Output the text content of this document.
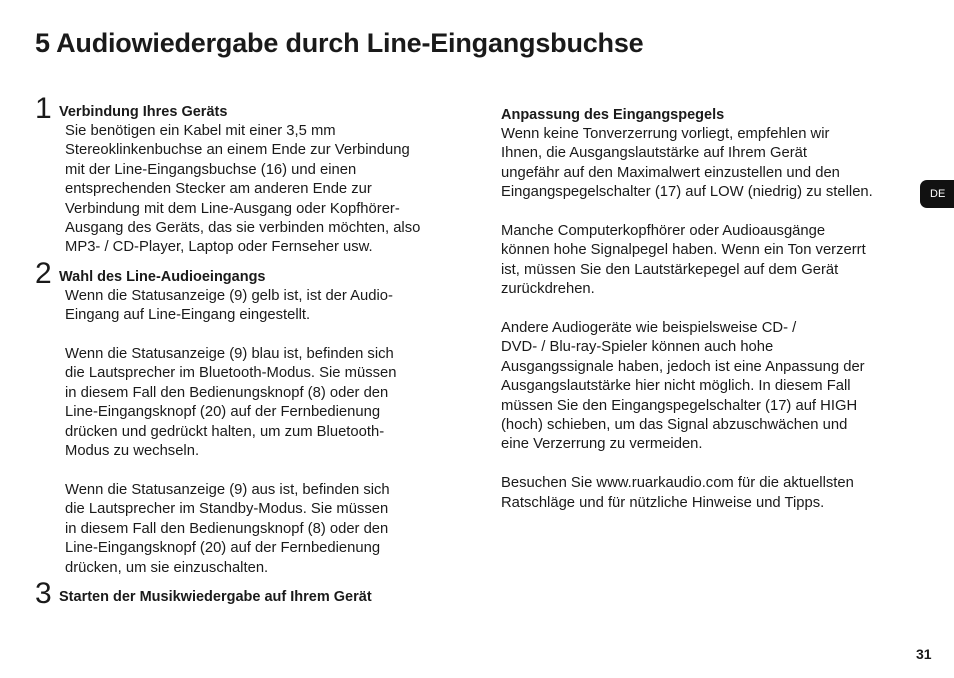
5 Audiowiedergabe durch Line-Eingangsbuchse
1 Verbindung Ihres Geräts

Sie benötigen ein Kabel mit einer 3,5 mm
Stereoklinkenbuchse an einem Ende zur Verbindung
mit der Line-Eingangsbuchse (16) und einen
entsprechenden Stecker am anderen Ende zur
Verbindung mit dem Line-Ausgang oder Kopfhörer-
Ausgang des Geräts, das sie verbinden möchten, also
MP3- / CD-Player, Laptop oder Fernseher usw.

2 Wahl des Line-Audioeingangs

Wenn die Statusanzeige (9) gelb ist, ist der Audio-
Eingang auf Line-Eingang eingestellt.

Wenn die Statusanzeige (9) blau ist, befinden sich
die Lautsprecher im Bluetooth-Modus. Sie müssen
in diesem Fall den Bedienungsknopf (8) oder den
Line-Eingangsknopf (20) auf der Fernbedienung
drücken und gedrückt halten, um zum Bluetooth-
Modus zu wechseln.

Wenn die Statusanzeige (9) aus ist, befinden sich
die Lautsprecher im Standby-Modus. Sie müssen
in diesem Fall den Bedienungsknopf (8) oder den
Line-Eingangsknopf (20) auf der Fernbedienung
drücken, um sie einzuschalten.

3 Starten der Musikwiedergabe auf Ihrem Gerät

Anpassung des Eingangspegels

Wenn keine Tonverzerrung vorliegt, empfehlen wir
Ihnen, die Ausgangslautstärke auf Ihrem Gerät
ungefähr auf den Maximalwert einzustellen und den
Eingangspegelschalter (17) auf LOW (niedrig) zu stellen.

Manche Computerkopfhörer oder Audioausgänge
können hohe Signalpegel haben. Wenn ein Ton verzerrt
ist, müssen Sie den Lautstärkepegel auf dem Gerät
zurückdrehen.

Andere Audiogeräte wie beispielsweise CD- /
DVD- / Blu-ray-Spieler können auch hohe
Ausgangssignale haben, jedoch ist eine Anpassung der
Ausgangslautstärke hier nicht möglich. In diesem Fall
müssen Sie den Eingangspegelschalter (17) auf HIGH
(hoch) schieben, um das Signal abzuschwächen und
eine Verzerrung zu vermeiden.

Besuchen Sie www.ruarkaudio.com für die aktuellsten
Ratschläge und für nützliche Hinweise und Tipps.

DE
31
